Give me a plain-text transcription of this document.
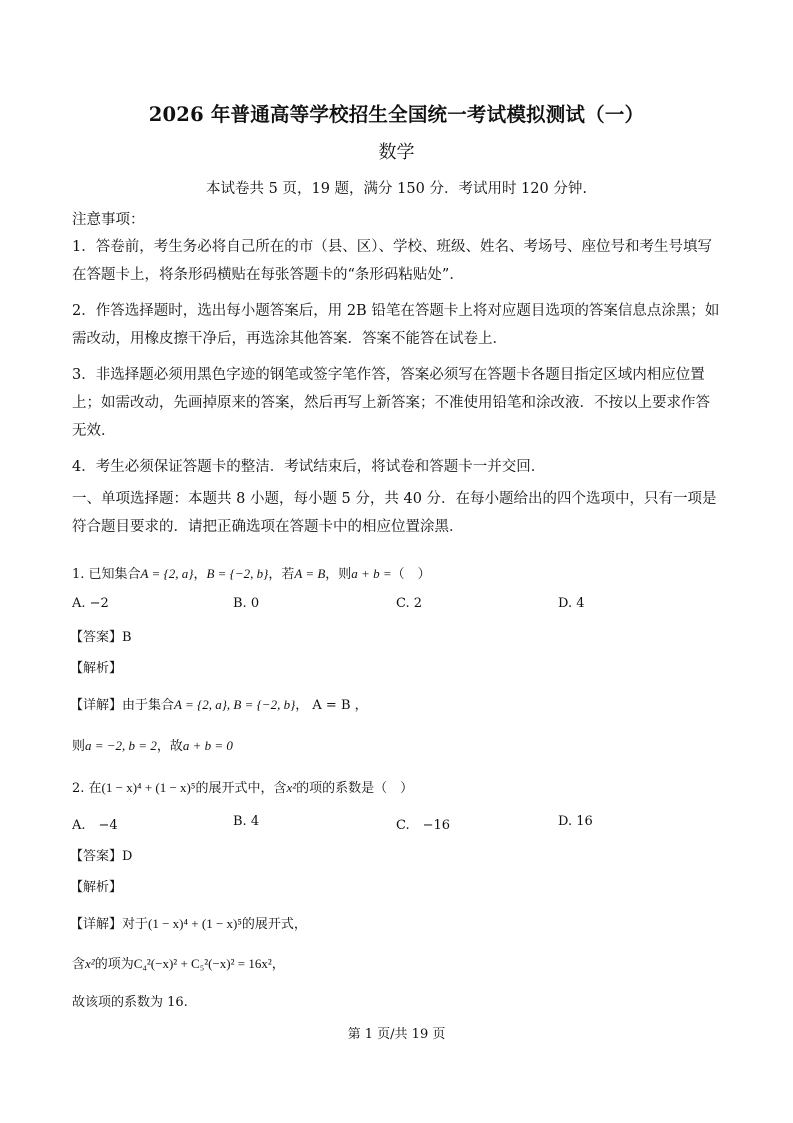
2026 年普通高等学校招生全国统一考试模拟测试（一）
数学
本试卷共 5 页，19 题，满分 150 分．考试用时 120 分钟.
注意事项：
1．答卷前，考生务必将自己所在的市（县、区）、学校、班级、姓名、考场号、座位号和考生号填写在答题卡上，将条形码横贴在每张答题卡的“条形码粘贴处”．
2．作答选择题时，选出每小题答案后，用 2B 铅笔在答题卡上将对应题目选项的答案信息点涂黑；如需改动，用橡皮擦干净后，再选涂其他答案．答案不能答在试卷上．
3．非选择题必须用黑色字迹的钢笔或签字笔作答，答案必须写在答题卡各题目指定区域内相应位置上；如需改动，先画掉原来的答案，然后再写上新答案；不准使用铅笔和涂改液．不按以上要求作答无效．
4．考生必须保证答题卡的整洁．考试结束后，将试卷和答题卡一并交回．
一、单项选择题：本题共 8 小题，每小题 5 分，共 40 分．在每小题给出的四个选项中，只有一项是符合题目要求的．请把正确选项在答题卡中的相应位置涂黑．
1. 已知集合A = {2, a}，B = {−2, b}，若A = B，则a + b =（　）
A. −2	B. 0	C. 2	D. 4
【答案】B
【解析】
【详解】由于集合A = {2, a}, B = {−2, b}， A = B ，
则a = −2, b = 2，故a + b = 0
2. 在(1 − x)⁴ + (1 − x)⁵的展开式中，含x²的项的系数是（　）
A.　−4	B. 4	C.　−16	D. 16
【答案】D
【解析】
【详解】对于(1 − x)⁴ + (1 − x)⁵的展开式，
含x²的项为C₄²(−x)² + C₅²(−x)² = 16x²，
故该项的系数为 16.
第 1 页/共 19 页
